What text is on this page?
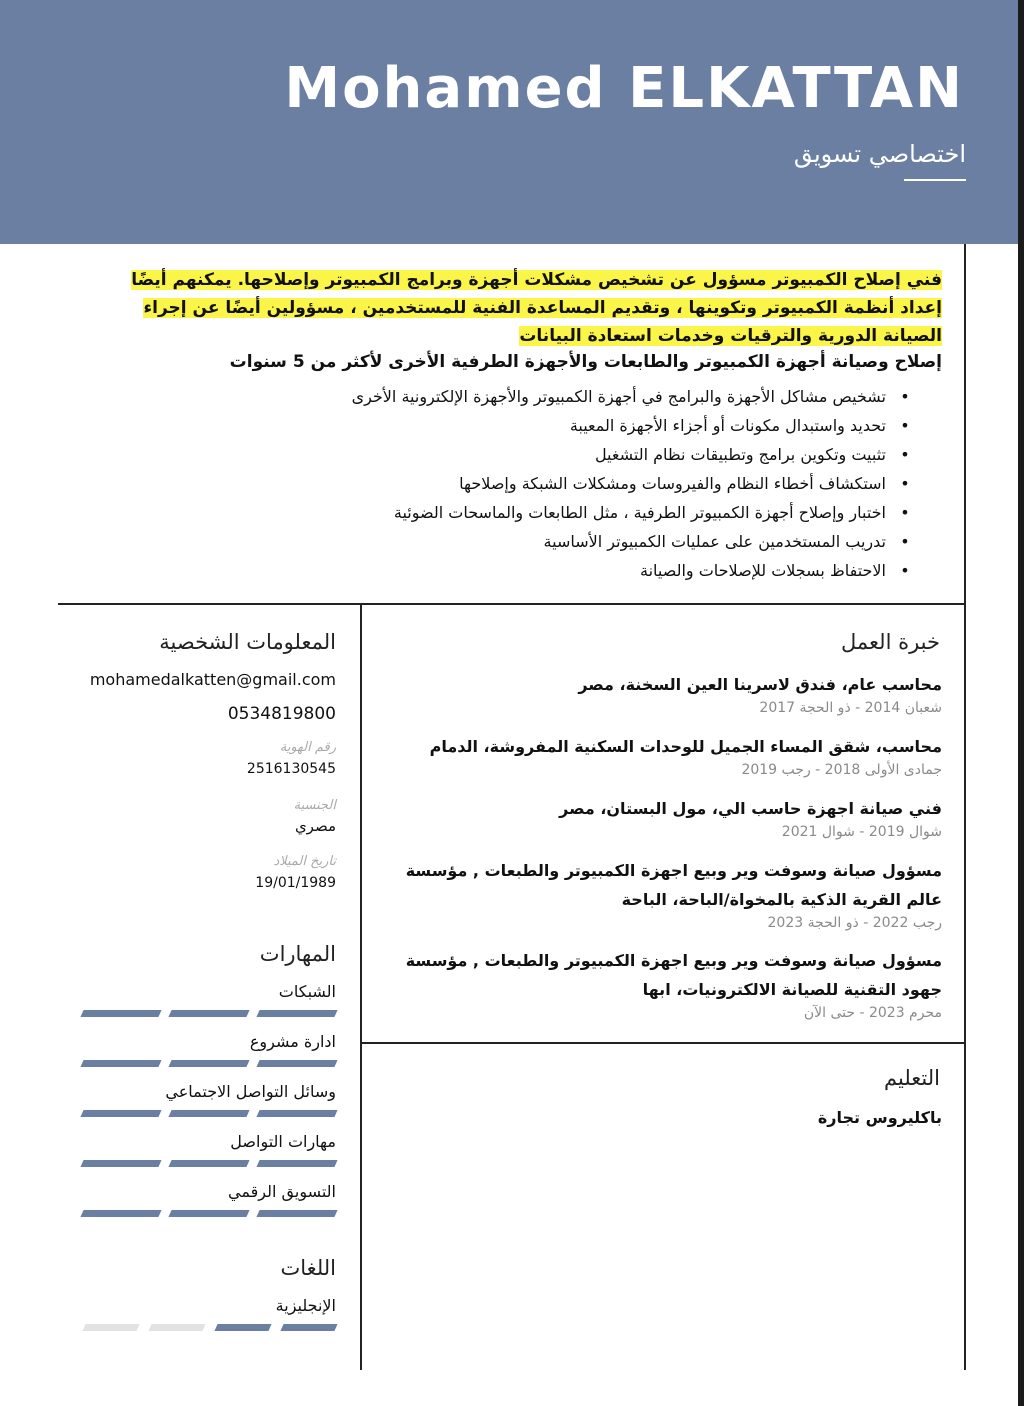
Mohamed ELKATTAN
اختصاصي تسويق
فني إصلاح الكمبيوتر مسؤول عن تشخيص مشكلات أجهزة وبرامج الكمبيوتر وإصلاحها. يمكنهم أيضًا إعداد أنظمة الكمبيوتر وتكوينها ، وتقديم المساعدة الفنية للمستخدمين ، مسؤولين أيضًا عن إجراء الصيانة الدورية والترقيات وخدمات استعادة البيانات
إصلاح وصيانة أجهزة الكمبيوتر والطابعات والأجهزة الطرفية الأخرى لأكثر من 5 سنوات
• تشخيص مشاكل الأجهزة والبرامج في أجهزة الكمبيوتر والأجهزة الإلكترونية الأخرى
• تحديد واستبدال مكونات أو أجزاء الأجهزة المعيبة
• تثبيت وتكوين برامج وتطبيقات نظام التشغيل
• استكشاف أخطاء النظام والفيروسات ومشكلات الشبكة وإصلاحها
• اختبار وإصلاح أجهزة الكمبيوتر الطرفية ، مثل الطابعات والماسحات الضوئية
• تدريب المستخدمين على عمليات الكمبيوتر الأساسية
• الاحتفاظ بسجلات للإصلاحات والصيانة
خبرة العمل
محاسب عام، فندق لاسرينا العين السخنة، مصر
شعبان 2014 - ذو الحجة 2017
محاسب، شقق المساء الجميل للوحدات السكنية المفروشة، الدمام
جمادى الأولى 2018 - رجب 2019
فني صيانة اجهزة حاسب الي، مول البستان، مصر
شوال 2019 - شوال 2021
مسؤول صيانة وسوفت وير وبيع اجهزة الكمبيوتر والطبعات , مؤسسة عالم القرية الذكية بالمخواة/الباحة، الباحة
رجب 2022 - ذو الحجة 2023
مسؤول صيانة وسوفت وير وبيع اجهزة الكمبيوتر والطبعات , مؤسسة جهود التقنية للصيانة الالكترونيات، ابها
محرم 2023 - حتى الآن
التعليم
باكليروس تجارة
المعلومات الشخصية
mohamedalkatten@gmail.com
0534819800
رقم الهوية
2516130545
الجنسية
مصري
تاريخ الميلاد
19/01/1989
المهارات
الشبكات
ادارة مشروع
وسائل التواصل الاجتماعي
مهارات التواصل
التسويق الرقمي
اللغات
الإنجليزية
